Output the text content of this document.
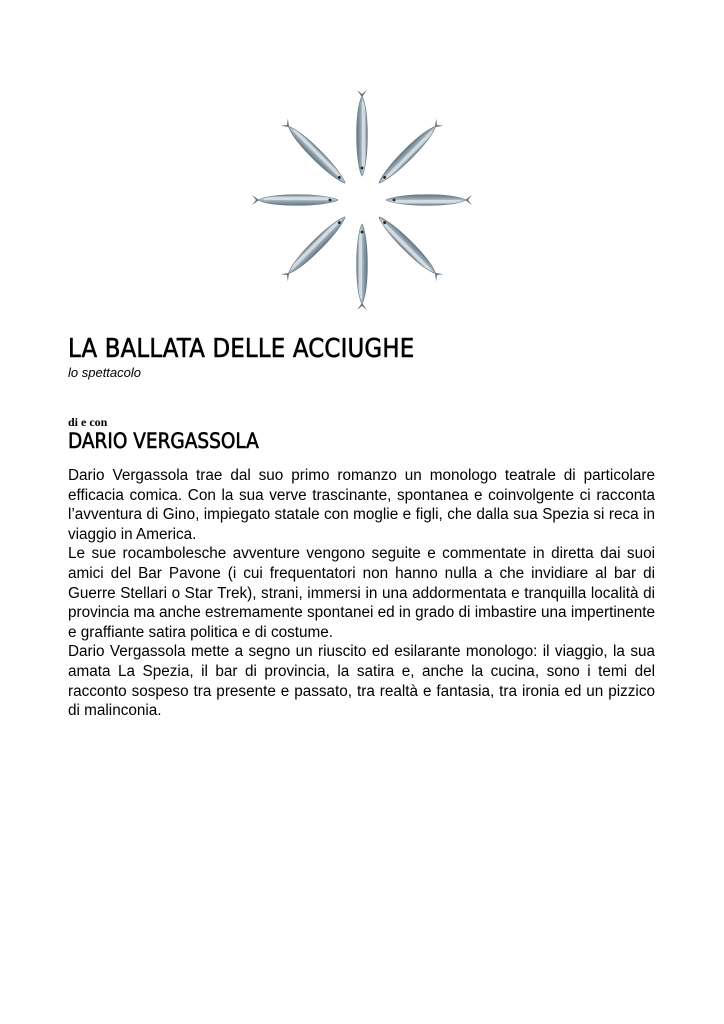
LA BALLATA DELLE ACCIUGHE
lo spettacolo
di e con
DARIO VERGASSOLA

Dario Vergassola trae dal suo primo romanzo un monologo teatrale di particolare efficacia comica. Con la sua verve trascinante, spontanea e coinvolgente ci racconta l’avventura di Gino, impiegato statale con moglie e figli, che dalla sua Spezia si reca in viaggio in America.

Le sue rocambolesche avventure vengono seguite e commentate in diretta dai suoi amici del Bar Pavone (i cui frequentatori non hanno nulla a che invidiare al bar di Guerre Stellari o Star Trek), strani, immersi in una addormentata e tranquilla località di provincia ma anche estremamente spontanei ed in grado di imbastire una impertinente e graffiante satira politica e di costume.

Dario Vergassola mette a segno un riuscito ed esilarante monologo: il viaggio, la sua amata La Spezia, il bar di provincia, la satira e, anche la cucina, sono i temi del racconto sospeso tra presente e passato, tra realtà e fantasia, tra ironia ed un pizzico di malinconia.
